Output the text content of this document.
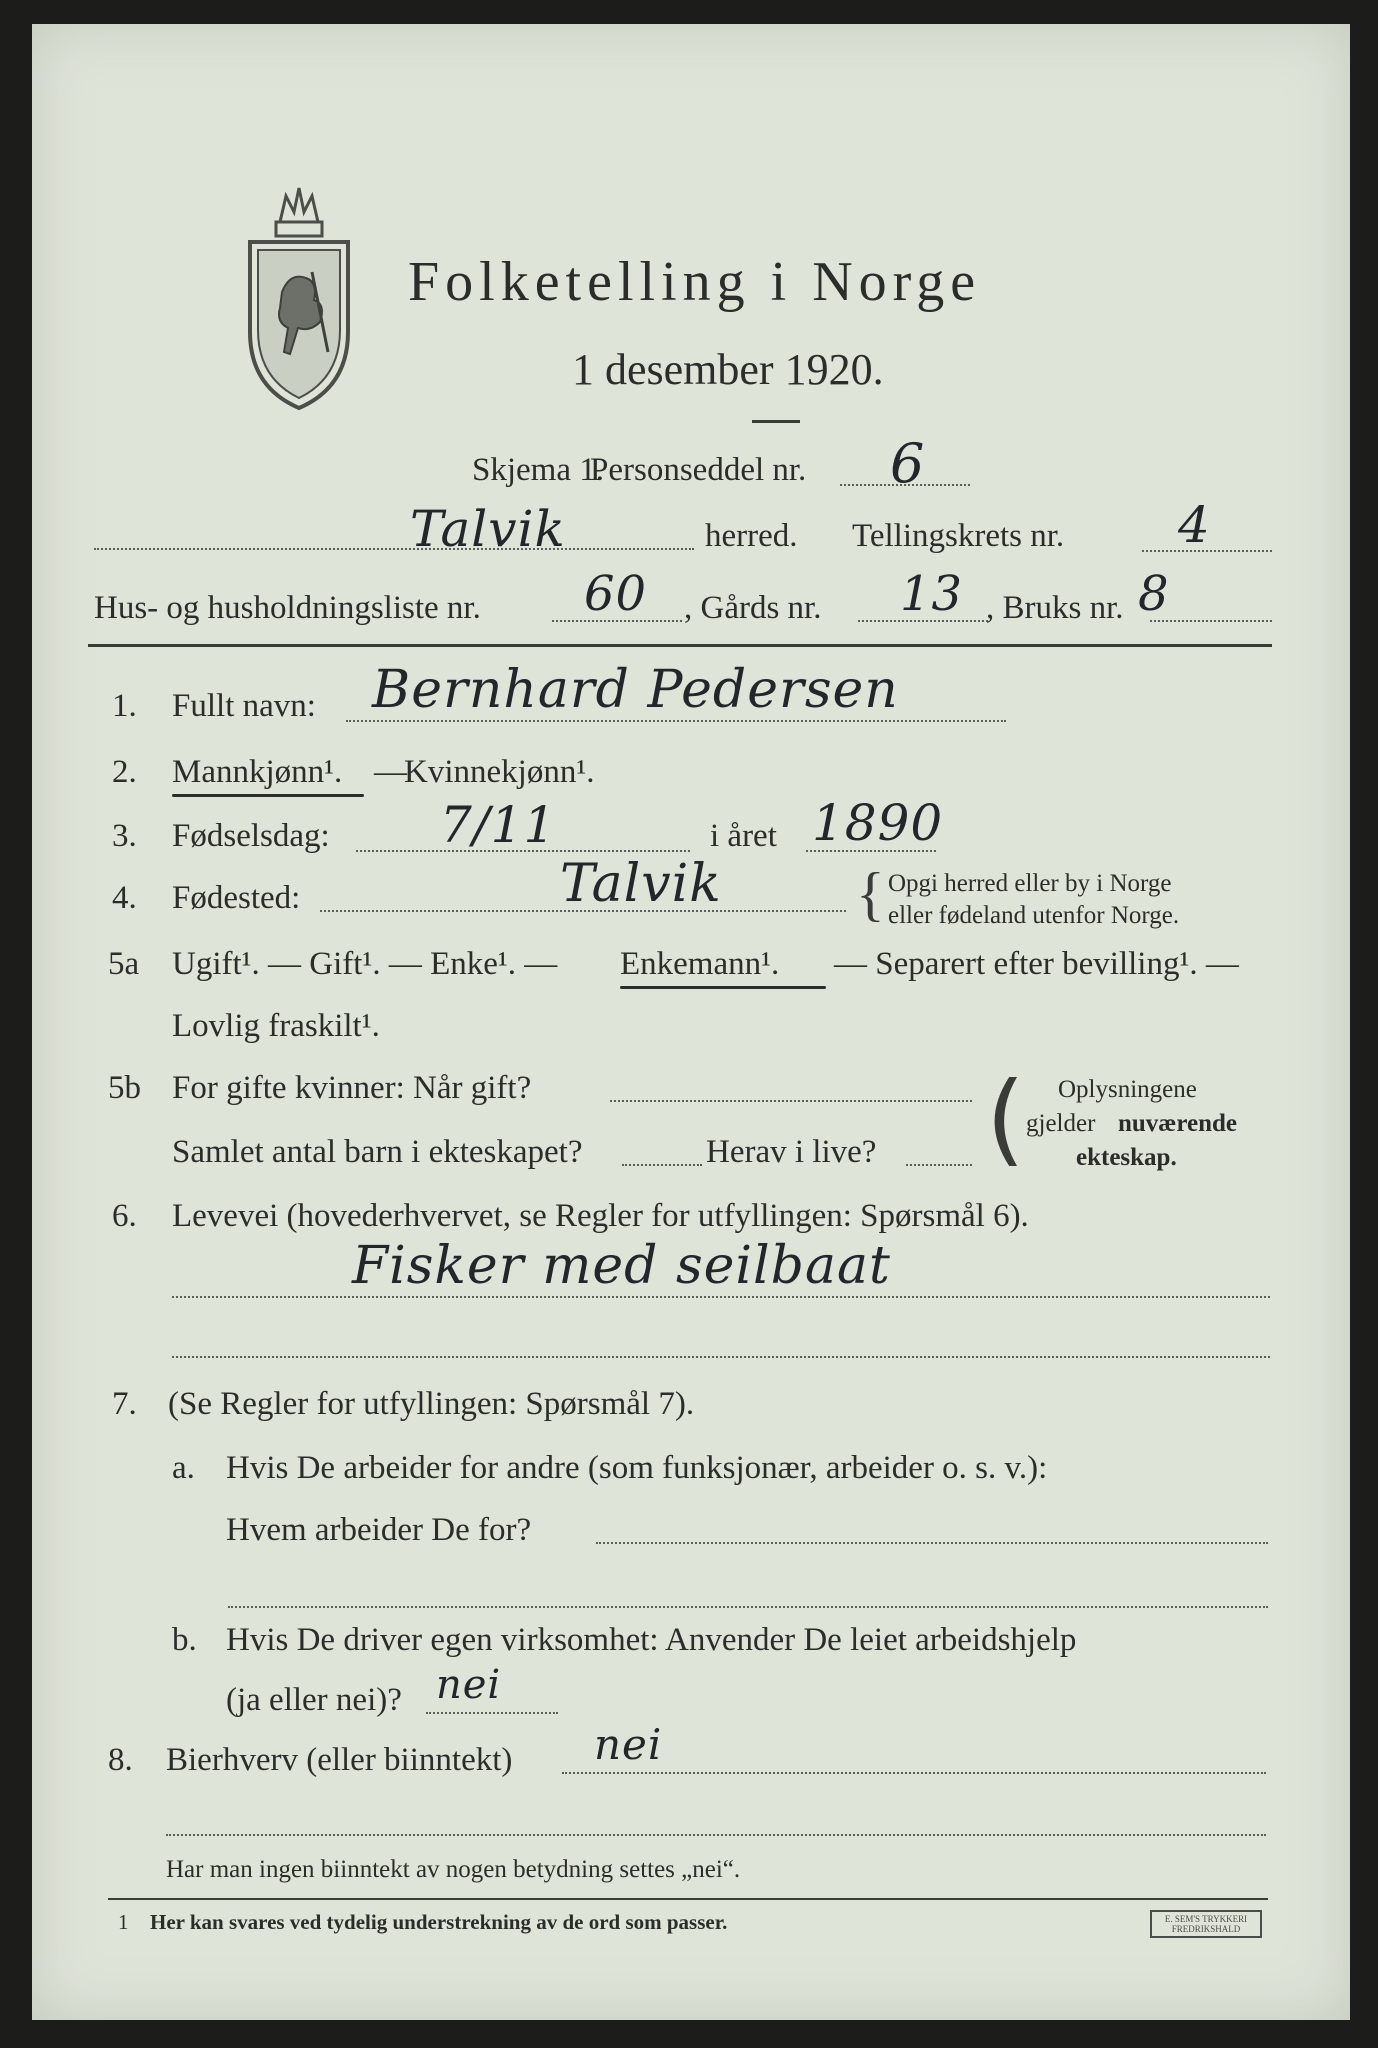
Folketelling i Norge
1 desember 1920.
Skjema 1.
Personseddel nr. 6
Talvik	herred. Tellingskrets nr. 4
Hus- og husholdningsliste nr. 60 , Gårds nr. 13 , Bruks nr. 8
1. Fullt navn: Bernhard Pedersen
2. Mannkjønn¹. —
Kvinnekjønn¹.
3. Fødselsdag: 7/11	i året 1890
4. Fødested:	Talvik { Opgi herred eller by i Norge
eller fødeland utenfor Norge.
5a Ugift¹. — Gift¹. — Enke¹. — Enkemann¹. — Separert efter bevilling¹. —
Lovlig fraskilt¹.
5b For gifte kvinner: Når gift?
Samlet antal barn i ekteskapet?	Herav i live? ( Oplysningene
gjelder nuværende
ekteskap.
6. Levevei (hovederhvervet, se Regler for utfyllingen: Spørsmål 6).
Fisker med seilbaat
7. (Se Regler for utfyllingen: Spørsmål 7).
a. Hvis De arbeider for andre (som funksjonær, arbeider o. s. v.):
Hvem arbeider De for?
b. Hvis De driver egen virksomhet: Anvender De leiet arbeidshjelp
(ja eller nei)? nei
8. Bierhverv (eller biinntekt) nei
Har man ingen biinntekt av nogen betydning settes „nei“.
1 Her kan svares ved tydelig understrekning av de ord som passer.	E. SEM'S TRYKKERI FREDRIKSHALD
